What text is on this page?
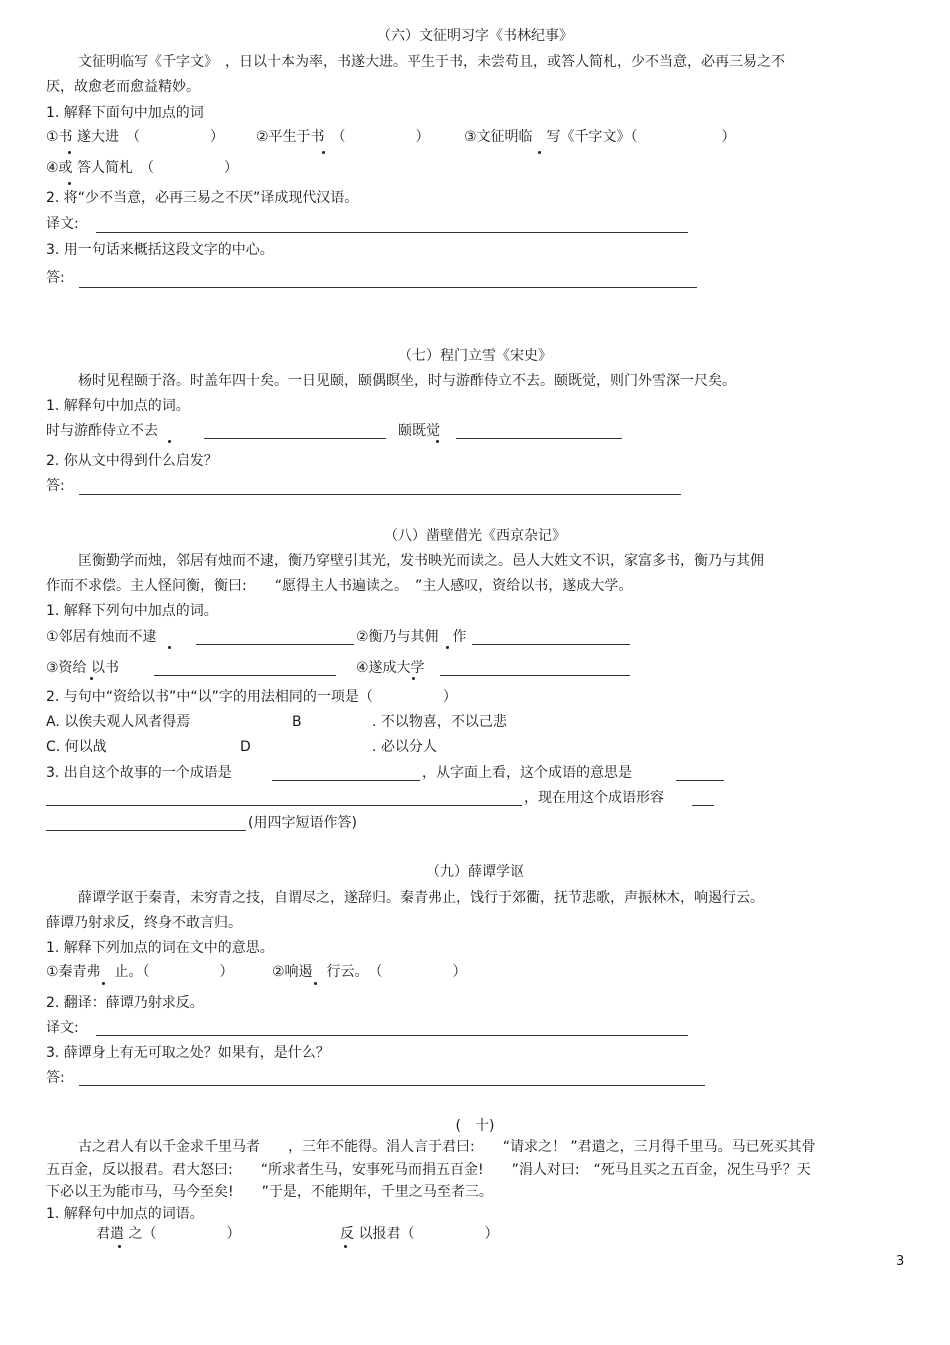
（六）文征明习字《书林纪事》
文征明临写《千字文》　，日以十本为率，书遂大进。平生于书，未尝苟且，或答人简札，少不当意，必再三易之不
厌，故愈老而愈益精妙。
1. 解释下面句中加点的词
①书 遂大进　（　　　　　） ②平生于书　（　　　　　） ③文征明临　写《千字文》（　　　　　　）
④或 答人简札　（　　　　　）
2. 将“少不当意，必再三易之不厌”译成现代汉语。
译文:
3. 用一句话来概括这段文字的中心。
答:
（七）程门立雪《宋史》
杨时见程颐于洛。时盖年四十矣。一日见颐，颐偶瞑坐，时与游酢侍立不去。颐既觉，则门外雪深一尺矣。
1. 解释句中加点的词。
时与游酢侍立不去	颐既觉
2. 你从文中得到什么启发？
答:
（八）凿壁借光《西京杂记》
匡衡勤学而烛，邻居有烛而不逮，衡乃穿壁引其光，发书映光而读之。邑人大姓文不识，家富多书，衡乃与其佣
作而不求偿。主人怪问衡，衡曰:　　“愿得主人书遍读之。　”主人感叹，资给以书，遂成大学。
1. 解释下列句中加点的词。
①邻居有烛而不逮	②衡乃与其佣　作
③资给 以书	④遂成大学
2. 与句中“资给以书”中“以”字的用法相同的一项是（　　　　　）
A. 以俟夫观人风者得焉	B	. 不以物喜，不以己悲
C. 何以战	D	. 必以分人
3. 出自这个故事的一个成语是	，从字面上看，这个成语的意思是
，现在用这个成语形容
(用四字短语作答)
（九）薛谭学讴
薛谭学讴于秦青，未穷青之技，自谓尽之，遂辞归。秦青弗止，饯行于郊衢，抚节悲歌，声振林木，响遏行云。
薛谭乃射求反，终身不敢言归。
1. 解释下列加点的词在文中的意思。
①秦青弗　止。（　　　　　）	②响遏　行云。　（　　　　　）
2. 翻译：薛谭乃射求反。
译文:
3. 薛谭身上有无可取之处？如果有，是什么？
答:
(　十)
古之君人有以千金求千里马者　　，三年不能得。涓人言于君曰:　　“请求之！ ”君遣之，三月得千里马。马已死买其骨
五百金，反以报君。君大怒曰:　　“所求者生马，安事死马而捐五百金!　　”涓人对曰:　“死马且买之五百金，况生马乎？天
下必以王为能市马，马今至矣!　　”于是，不能期年，千里之马至者三。
1. 解释句中加点的词语。
君遣 之（　　　　　）	反 以报君（　　　　　）
3
